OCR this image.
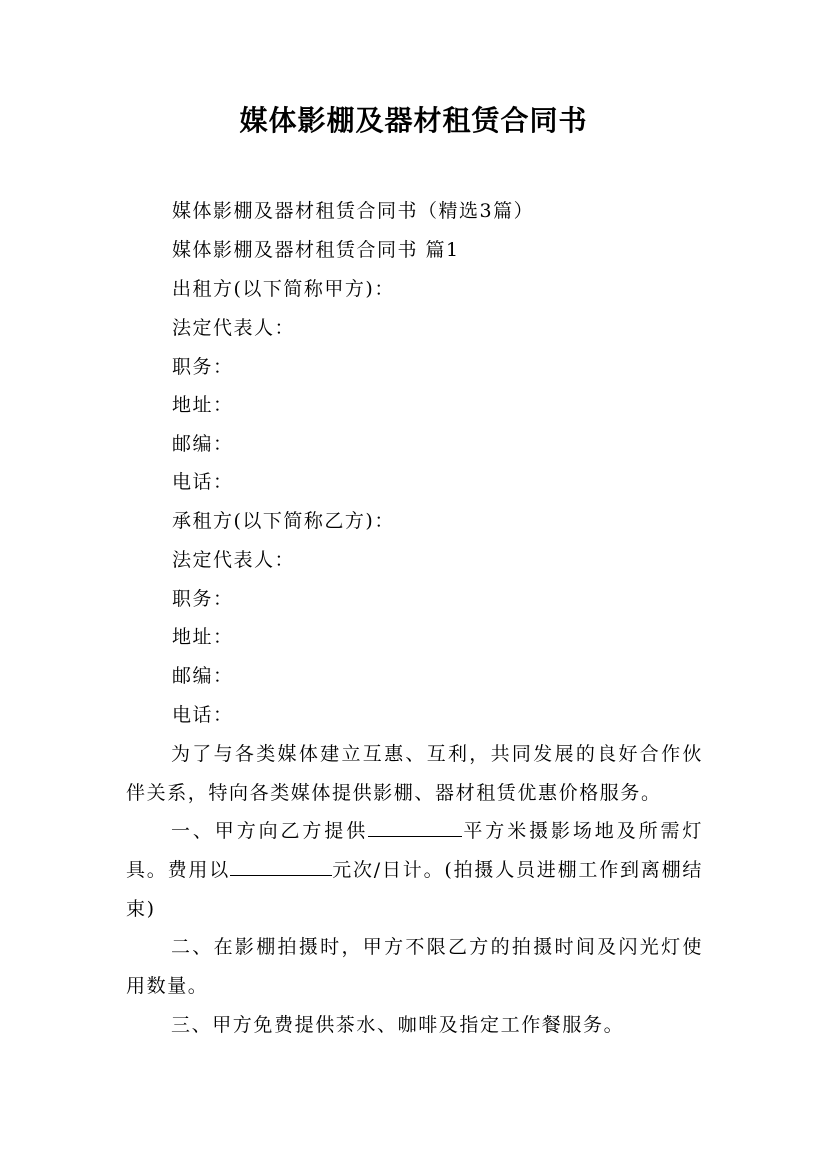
媒体影棚及器材租赁合同书
媒体影棚及器材租赁合同书（精选3篇）
媒体影棚及器材租赁合同书 篇1
出租方(以下简称甲方)：
法定代表人：
职务：
地址：
邮编：
电话：
承租方(以下简称乙方)：
法定代表人：
职务：
地址：
邮编：
电话：
为了与各类媒体建立互惠、互利，共同发展的良好合作伙伴关系，特向各类媒体提供影棚、器材租赁优惠价格服务。
一、甲方向乙方提供	平方米摄影场地及所需灯具。费用以	元次/日计。(拍摄人员进棚工作到离棚结束)
二、在影棚拍摄时，甲方不限乙方的拍摄时间及闪光灯使用数量。
三、甲方免费提供茶水、咖啡及指定工作餐服务。
